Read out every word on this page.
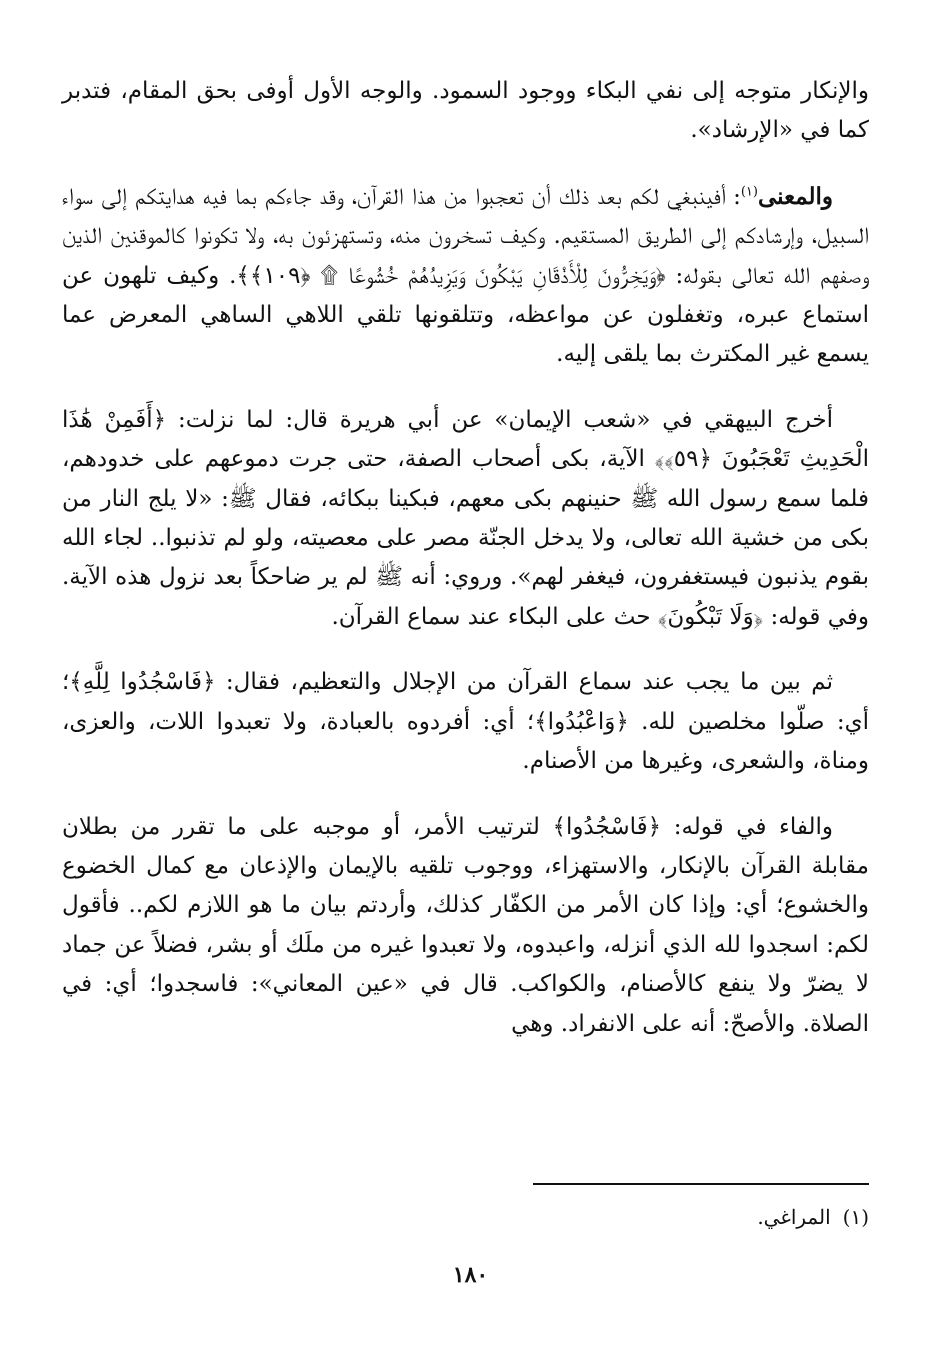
والإنكار متوجه إلى نفي البكاء ووجود السمود. والوجه الأول أوفى بحق المقام، فتدبر كما في «الإرشاد».

والمعنى$^{(١)}$: أفينبغي لكم بعد ذلك أن تعجبوا من هذا القرآن، وقد جاءكم بما فيه هدايتكم إلى سواء السبيل، وإرشادكم إلى الطريق المستقيم. وكيف تسخرون منه، وتستهزئون به، ولا تكونوا كالموقنين الذين وصفهم الله تعالى بقوله: ﴿وَيَخِرُّونَ لِلْأَذْقَانِ يَبْكُونَ وَيَزِيدُهُمْ خُشُوعًا ۩ ﴿١٠٩﴾﴾. وكيف تلهون عن استماع عبره، وتغفلون عن مواعظه، وتتلقونها تلقي اللاهي الساهي المعرض عما يسمع غير المكترث بما يلقى إليه.

أخرج البيهقي في «شعب الإيمان» عن أبي هريرة قال: لما نزلت: ﴿أَفَمِنْ هَٰذَا الْحَدِيثِ تَعْجَبُونَ ﴿٥٩﴾﴾ الآية، بكى أصحاب الصفة، حتى جرت دموعهم على خدودهم، فلما سمع رسول الله ﷺ حنينهم بكى معهم، فبكينا ببكائه، فقال ﷺ: «لا يلج النار من بكى من خشية الله تعالى، ولا يدخل الجنّة مصر على معصيته، ولو لم تذنبوا.. لجاء الله بقوم يذنبون فيستغفرون، فيغفر لهم». وروي: أنه ﷺ لم ير ضاحكاً بعد نزول هذه الآية. وفي قوله: ﴿وَلَا تَبْكُونَ﴾ حث على البكاء عند سماع القرآن.

ثم بين ما يجب عند سماع القرآن من الإجلال والتعظيم، فقال: ﴿فَاسْجُدُوا لِلَّهِ﴾؛ أي: صلّوا مخلصين لله. ﴿وَاعْبُدُوا﴾؛ أي: أفردوه بالعبادة، ولا تعبدوا اللات، والعزى، ومناة، والشعرى، وغيرها من الأصنام.

والفاء في قوله: ﴿فَاسْجُدُوا﴾ لترتيب الأمر، أو موجبه على ما تقرر من بطلان مقابلة القرآن بالإنكار، والاستهزاء، ووجوب تلقيه بالإيمان والإذعان مع كمال الخضوع والخشوع؛ أي: وإذا كان الأمر من الكفّار كذلك، وأردتم بيان ما هو اللازم لكم.. فأقول لكم: اسجدوا لله الذي أنزله، واعبدوه، ولا تعبدوا غيره من ملَك أو بشر، فضلاً عن جماد لا يضرّ ولا ينفع كالأصنام، والكواكب. قال في «عين المعاني»: فاسجدوا؛ أي: في الصلاة. والأصحّ: أنه على الانفراد. وهي

(١)
المراغي.
١٨٠
